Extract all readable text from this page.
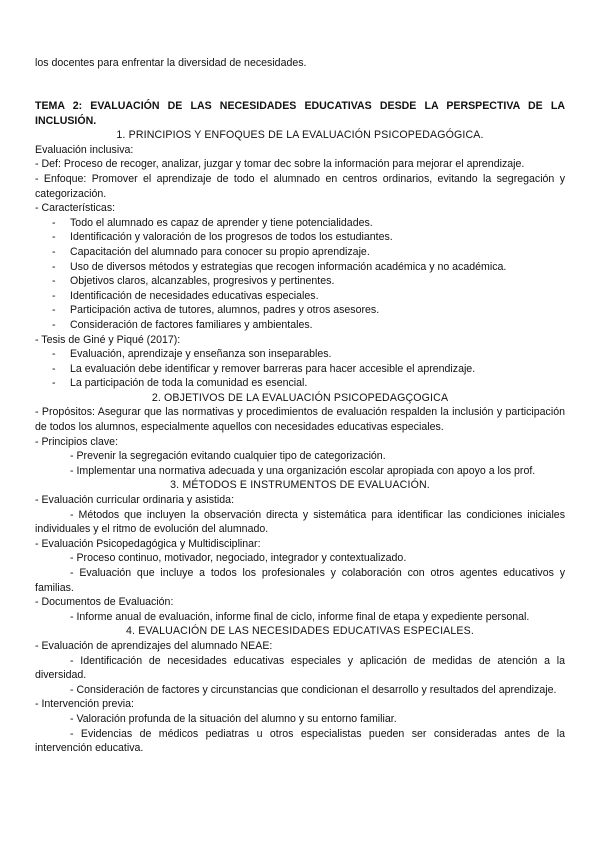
los docentes para enfrentar la diversidad de necesidades.

TEMA 2: EVALUACIÓN DE LAS NECESIDADES EDUCATIVAS DESDE LA PERSPECTIVA DE LA INCLUSIÓN.

1. PRINCIPIOS Y ENFOQUES DE LA EVALUACIÓN PSICOPEDAGÓGICA.

Evaluación inclusiva:

- Def: Proceso de recoger, analizar, juzgar y tomar dec sobre la información para mejorar el aprendizaje.

- Enfoque: Promover el aprendizaje de todo el alumnado en centros ordinarios, evitando la segregación y categorización.

- Características:

- Todo el alumnado es capaz de aprender y tiene potencialidades.

- Identificación y valoración de los progresos de todos los estudiantes.

- Capacitación del alumnado para conocer su propio aprendizaje.

- Uso de diversos métodos y estrategias que recogen información académica y no académica.

- Objetivos claros, alcanzables, progresivos y pertinentes.

- Identificación de necesidades educativas especiales.

- Participación activa de tutores, alumnos, padres y otros asesores.

- Consideración de factores familiares y ambientales.

- Tesis de Giné y Piqué (2017):

- Evaluación, aprendizaje y enseñanza son inseparables.

- La evaluación debe identificar y remover barreras para hacer accesible el aprendizaje.

- La participación de toda la comunidad es esencial.

2. OBJETIVOS DE LA EVALUACIÓN PSICOPEDAGÇOGICA

- Propósitos: Asegurar que las normativas y procedimientos de evaluación respalden la inclusión y participación de todos los alumnos, especialmente aquellos con necesidades educativas especiales.

- Principios clave:

- Prevenir la segregación evitando cualquier tipo de categorización.

- Implementar una normativa adecuada y una organización escolar apropiada con apoyo a los prof.

3. MÉTODOS E INSTRUMENTOS DE EVALUACIÓN.

- Evaluación curricular ordinaria y asistida:

- Métodos que incluyen la observación directa y sistemática para identificar las condiciones iniciales individuales y el ritmo de evolución del alumnado.

- Evaluación Psicopedagógica y Multidisciplinar:

- Proceso continuo, motivador, negociado, integrador y contextualizado.

- Evaluación que incluye a todos los profesionales y colaboración con otros agentes educativos y familias.

- Documentos de Evaluación:

- Informe anual de evaluación, informe final de ciclo, informe final de etapa y expediente personal.

4. EVALUACIÓN DE LAS NECESIDADES EDUCATIVAS ESPECIALES.

- Evaluación de aprendizajes del alumnado NEAE:

- Identificación de necesidades educativas especiales y aplicación de medidas de atención a la diversidad.

- Consideración de factores y circunstancias que condicionan el desarrollo y resultados del aprendizaje.

- Intervención previa:

- Valoración profunda de la situación del alumno y su entorno familiar.

- Evidencias de médicos pediatras u otros especialistas pueden ser consideradas antes de la intervención educativa.
